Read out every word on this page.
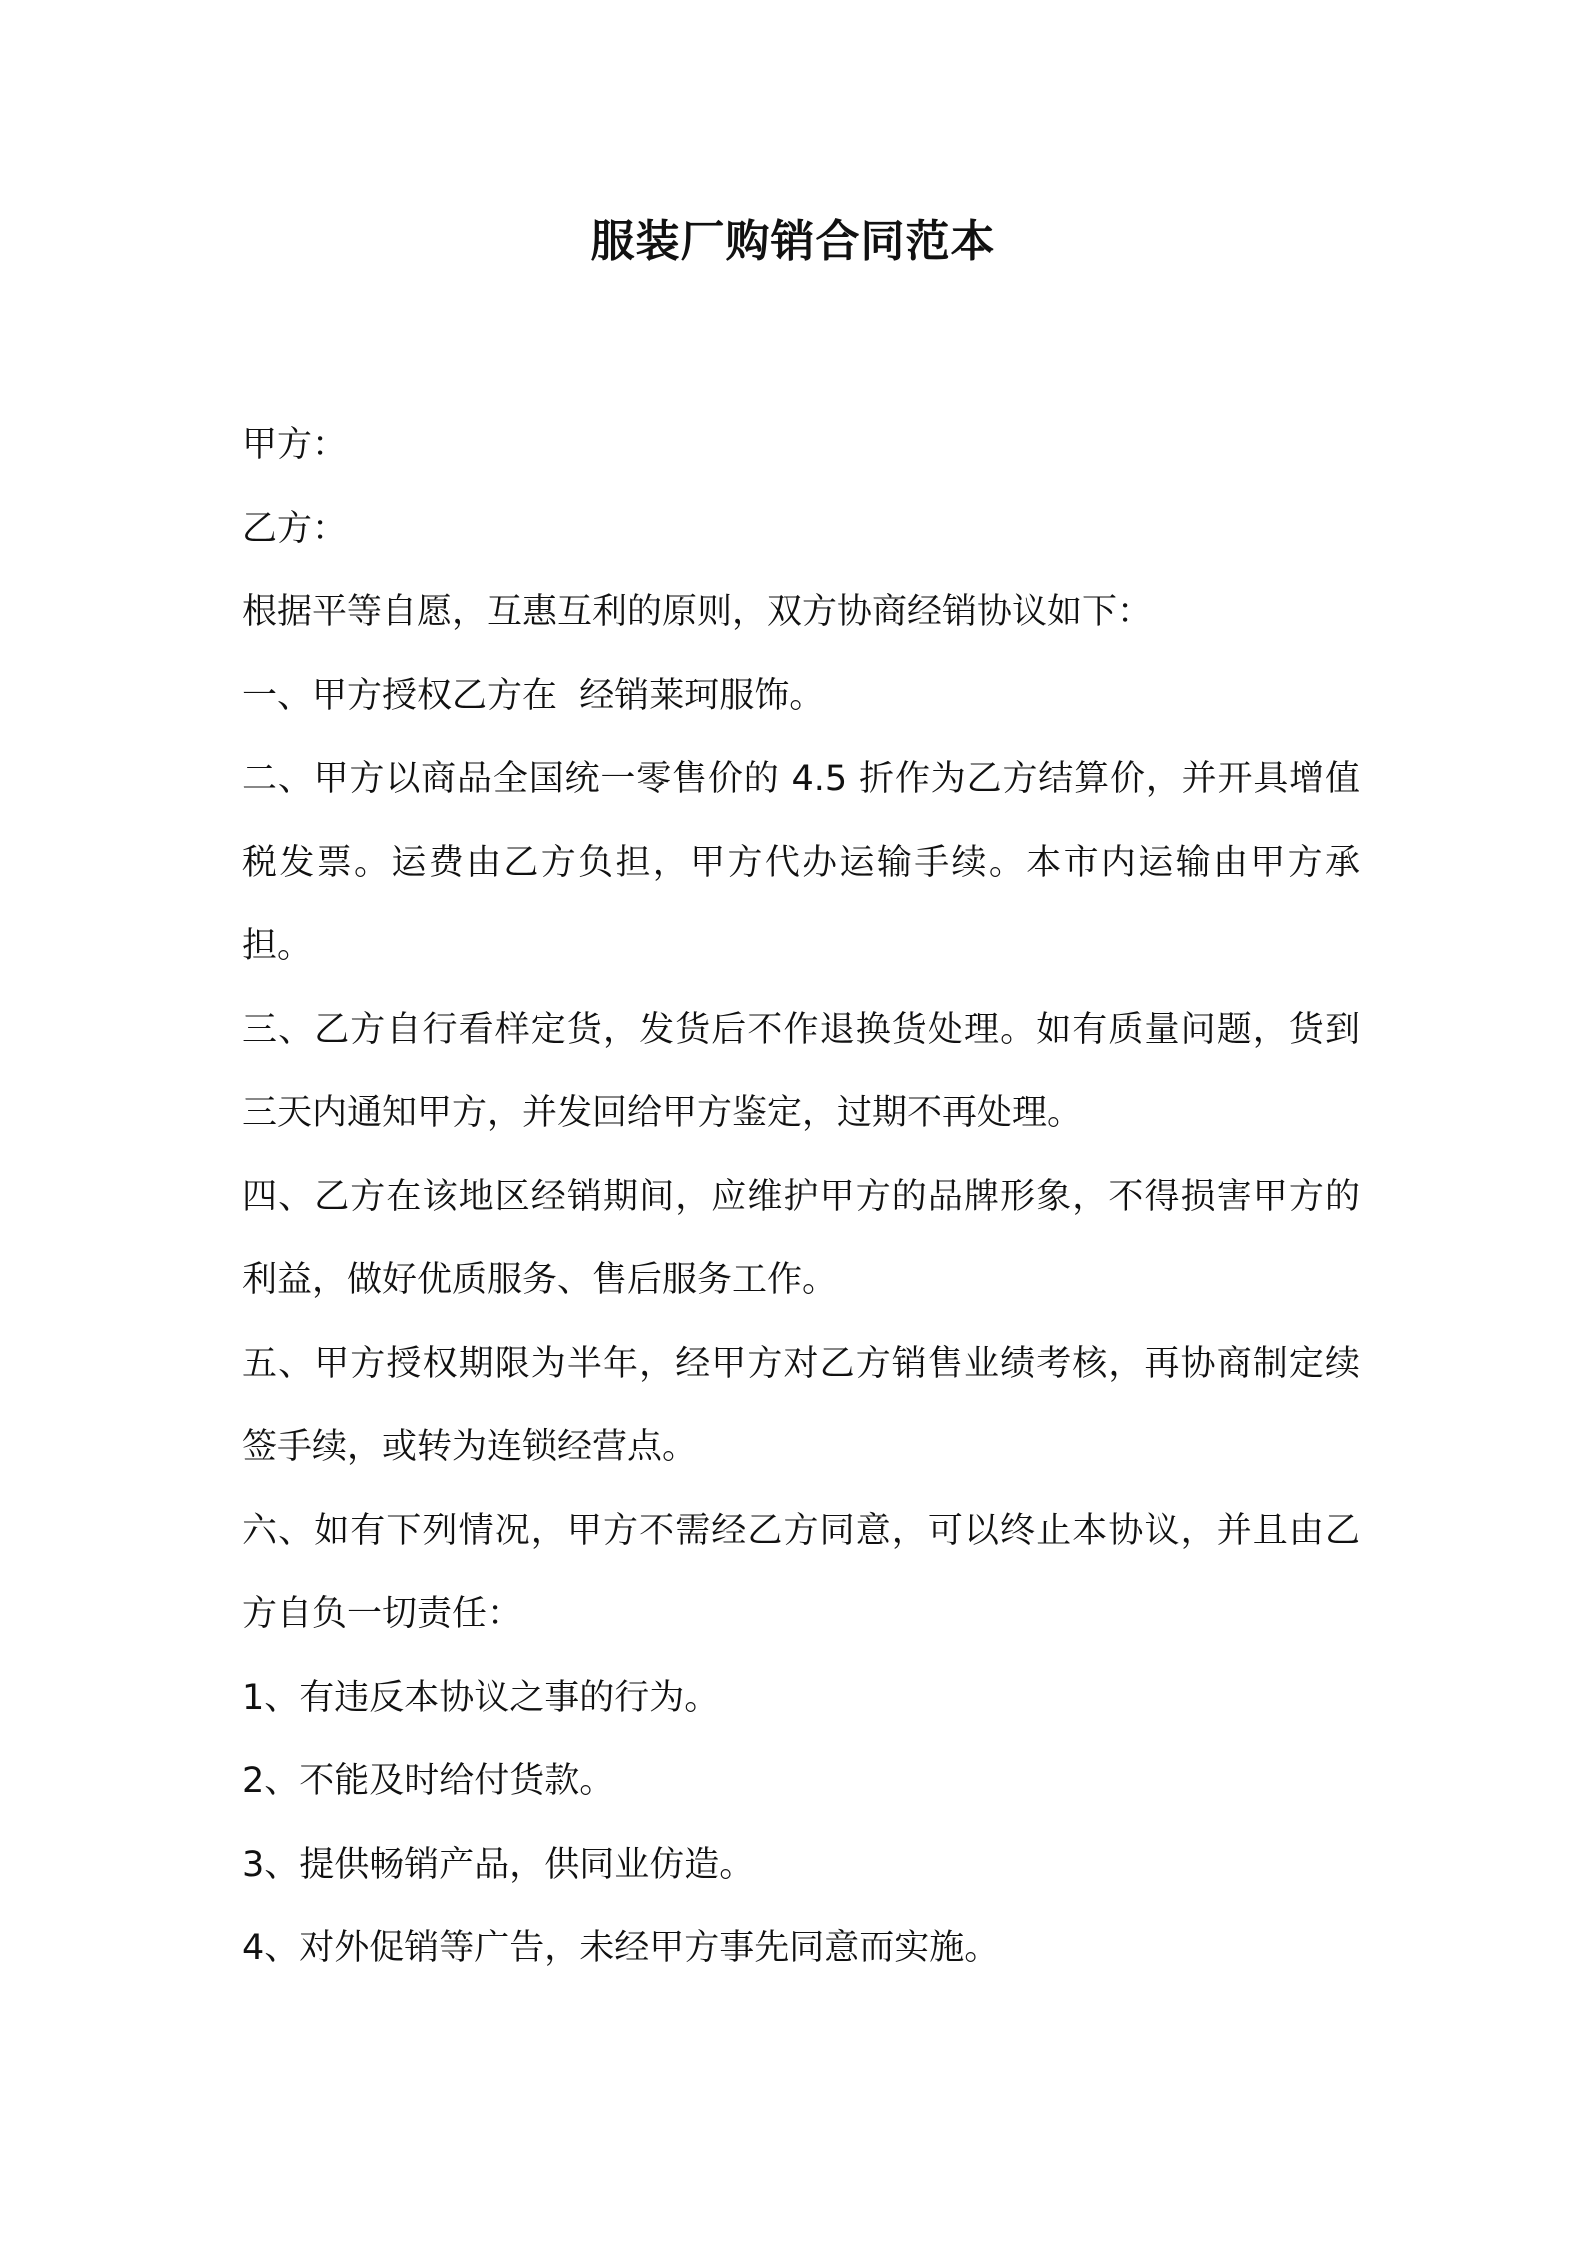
服装厂购销合同范本

甲方：

乙方：

根据平等自愿，互惠互利的原则，双方协商经销协议如下：

一、甲方授权乙方在  经销莱珂服饰。

二、甲方以商品全国统一零售价的 4.5 折作为乙方结算价，并开具增值税发票。运费由乙方负担，甲方代办运输手续。本市内运输由甲方承担。

三、乙方自行看样定货，发货后不作退换货处理。如有质量问题，货到三天内通知甲方，并发回给甲方鉴定，过期不再处理。

四、乙方在该地区经销期间，应维护甲方的品牌形象，不得损害甲方的利益，做好优质服务、售后服务工作。

五、甲方授权期限为半年，经甲方对乙方销售业绩考核，再协商制定续签手续，或转为连锁经营点。

六、如有下列情况，甲方不需经乙方同意，可以终止本协议，并且由乙方自负一切责任：

1、有违反本协议之事的行为。

2、不能及时给付货款。

3、提供畅销产品，供同业仿造。

4、对外促销等广告，未经甲方事先同意而实施。
